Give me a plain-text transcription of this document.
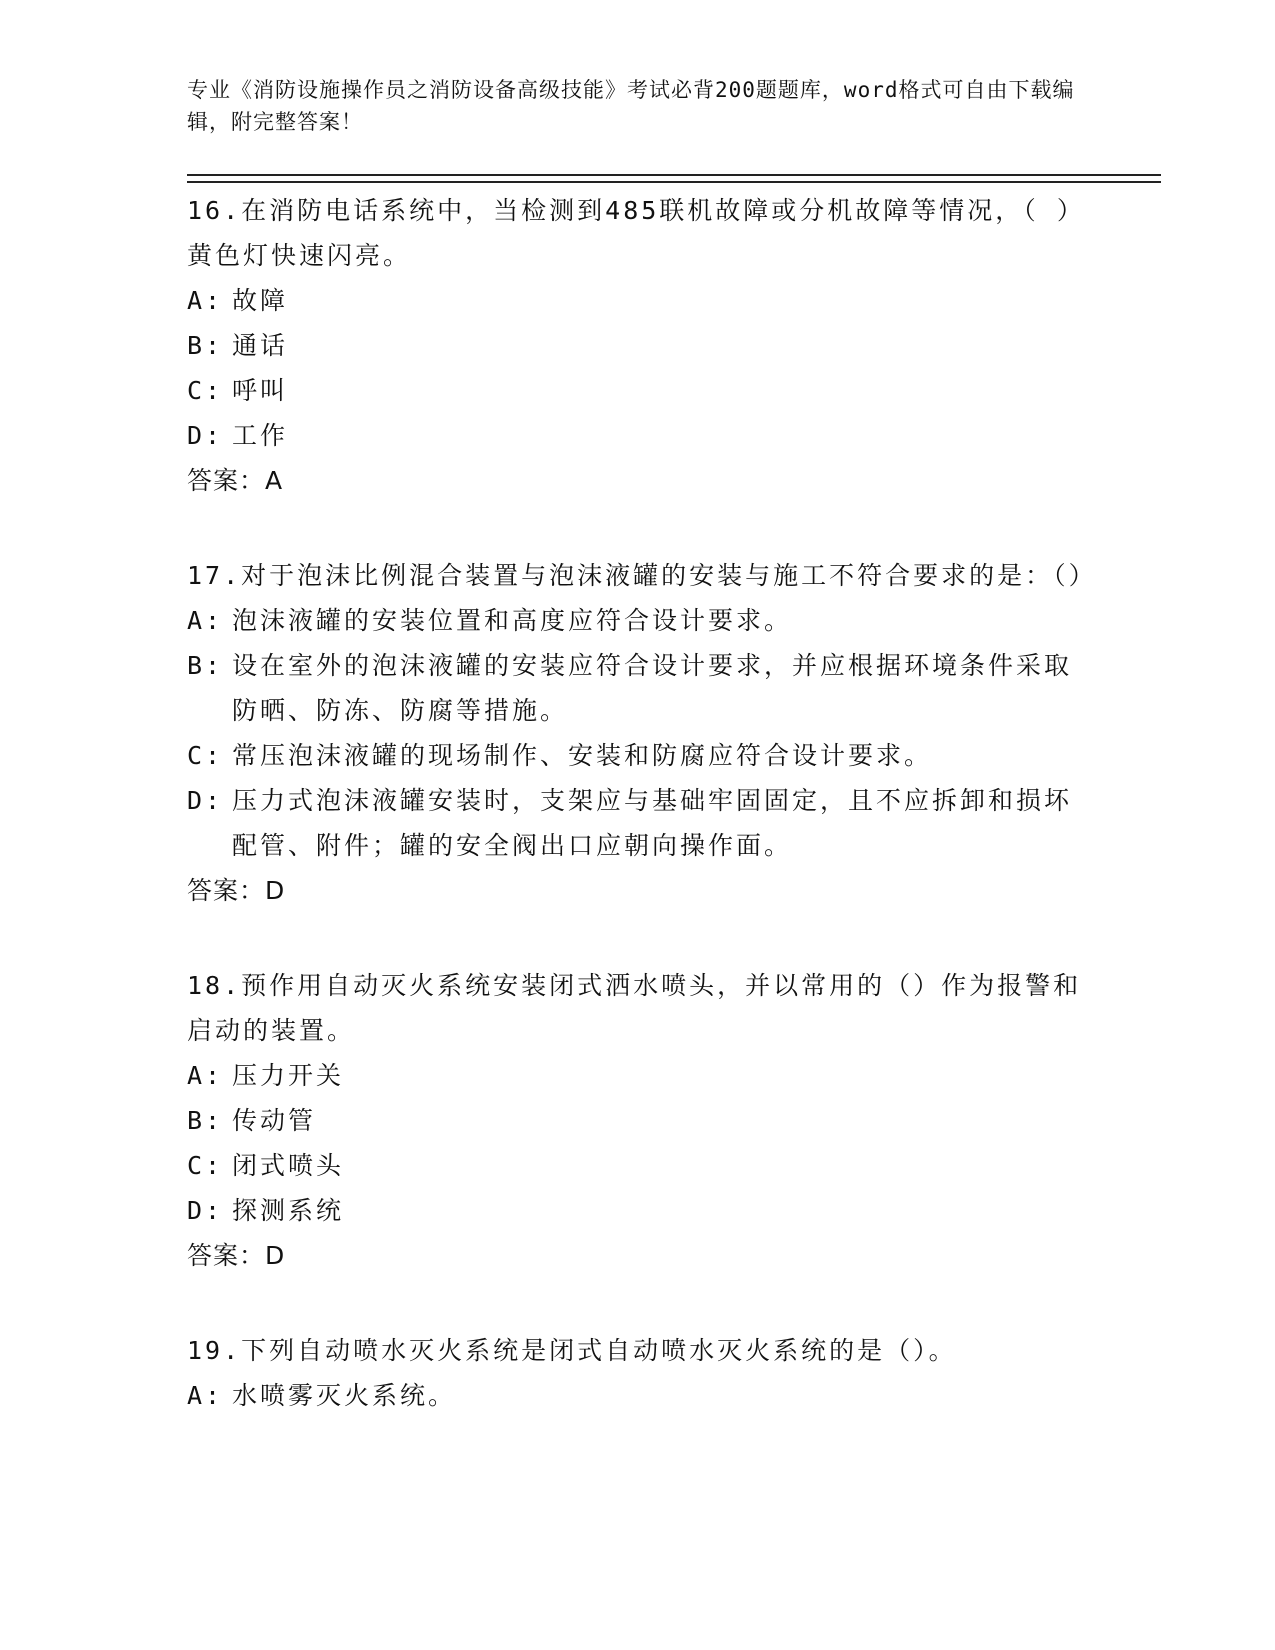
专业《消防设施操作员之消防设备高级技能》考试必背200题题库，word格式可自由下载编辑，附完整答案！

16.在消防电话系统中，当检测到485联机故障或分机故障等情况，（ ）黄色灯快速闪亮。

A: 故障

B: 通话

C: 呼叫

D: 工作

答案：A

17.对于泡沫比例混合装置与泡沫液罐的安装与施工不符合要求的是：（）

A: 泡沫液罐的安装位置和高度应符合设计要求。

B: 设在室外的泡沫液罐的安装应符合设计要求，并应根据环境条件采取防晒、防冻、防腐等措施。

C: 常压泡沫液罐的现场制作、安装和防腐应符合设计要求。

D: 压力式泡沫液罐安装时，支架应与基础牢固固定，且不应拆卸和损坏配管、附件；罐的安全阀出口应朝向操作面。

答案：D

18.预作用自动灭火系统安装闭式洒水喷头，并以常用的（）作为报警和启动的装置。

A: 压力开关

B: 传动管

C: 闭式喷头

D: 探测系统

答案：D

19.下列自动喷水灭火系统是闭式自动喷水灭火系统的是（）。

A: 水喷雾灭火系统。
